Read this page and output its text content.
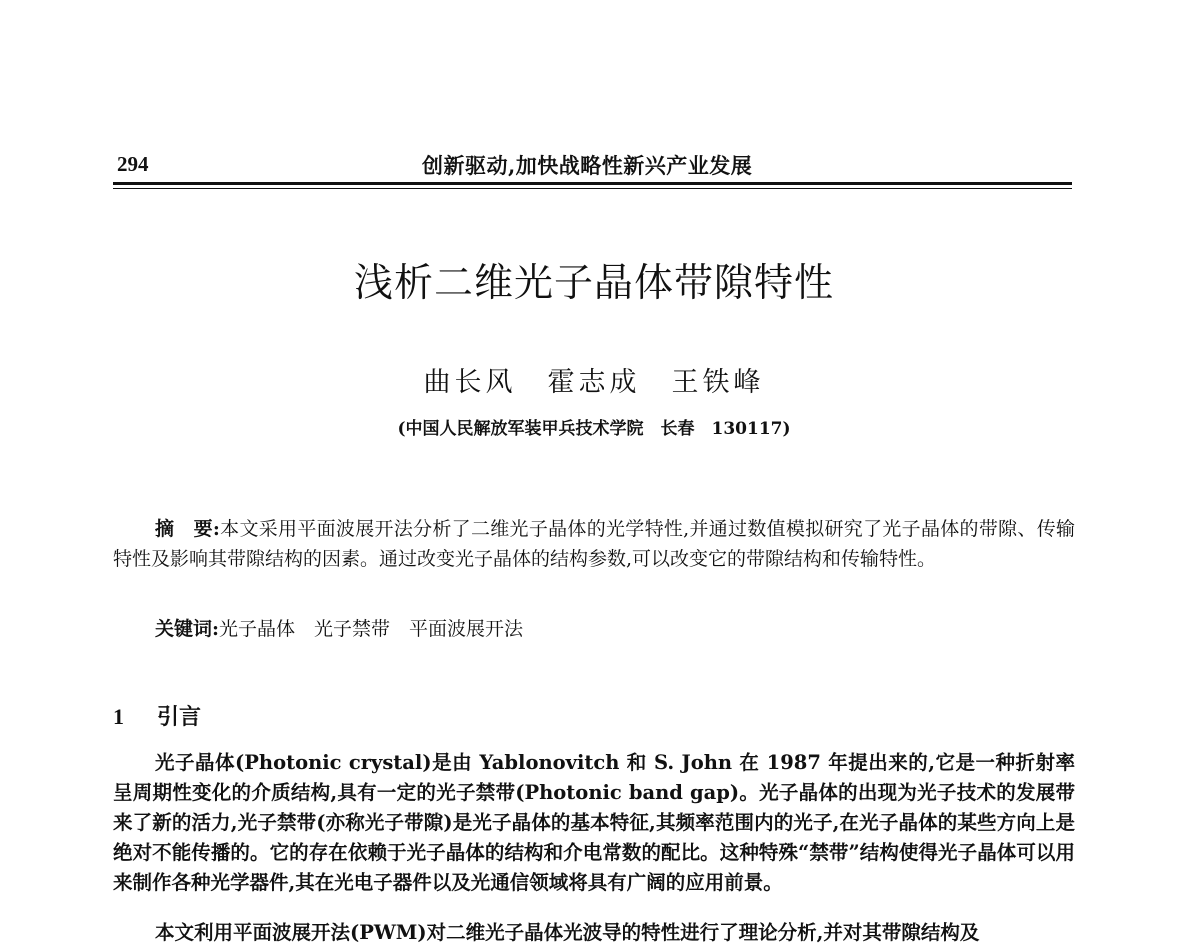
294	创新驱动,加快战略性新兴产业发展
浅析二维光子晶体带隙特性
曲长风　霍志成　王铁峰
(中国人民解放军装甲兵技术学院　长春　130117)

摘　要:本文采用平面波展开法分析了二维光子晶体的光学特性,并通过数值模拟研究了光子晶体的带隙、传输特性及影响其带隙结构的因素。通过改变光子晶体的结构参数,可以改变它的带隙结构和传输特性。

关键词:光子晶体　光子禁带　平面波展开法

1 引言

光子晶体(Photonic crystal)是由 Yablonovitch 和 S. John 在 1987 年提出来的,它是一种折射率呈周期性变化的介质结构,具有一定的光子禁带(Photonic band gap)。光子晶体的出现为光子技术的发展带来了新的活力,光子禁带(亦称光子带隙)是光子晶体的基本特征,其频率范围内的光子,在光子晶体的某些方向上是绝对不能传播的。它的存在依赖于光子晶体的结构和介电常数的配比。这种特殊“禁带”结构使得光子晶体可以用来制作各种光学器件,其在光电子器件以及光通信领域将具有广阔的应用前景。

本文利用平面波展开法(PWM)对二维光子晶体光波导的特性进行了理论分析,并对其带隙结构及
